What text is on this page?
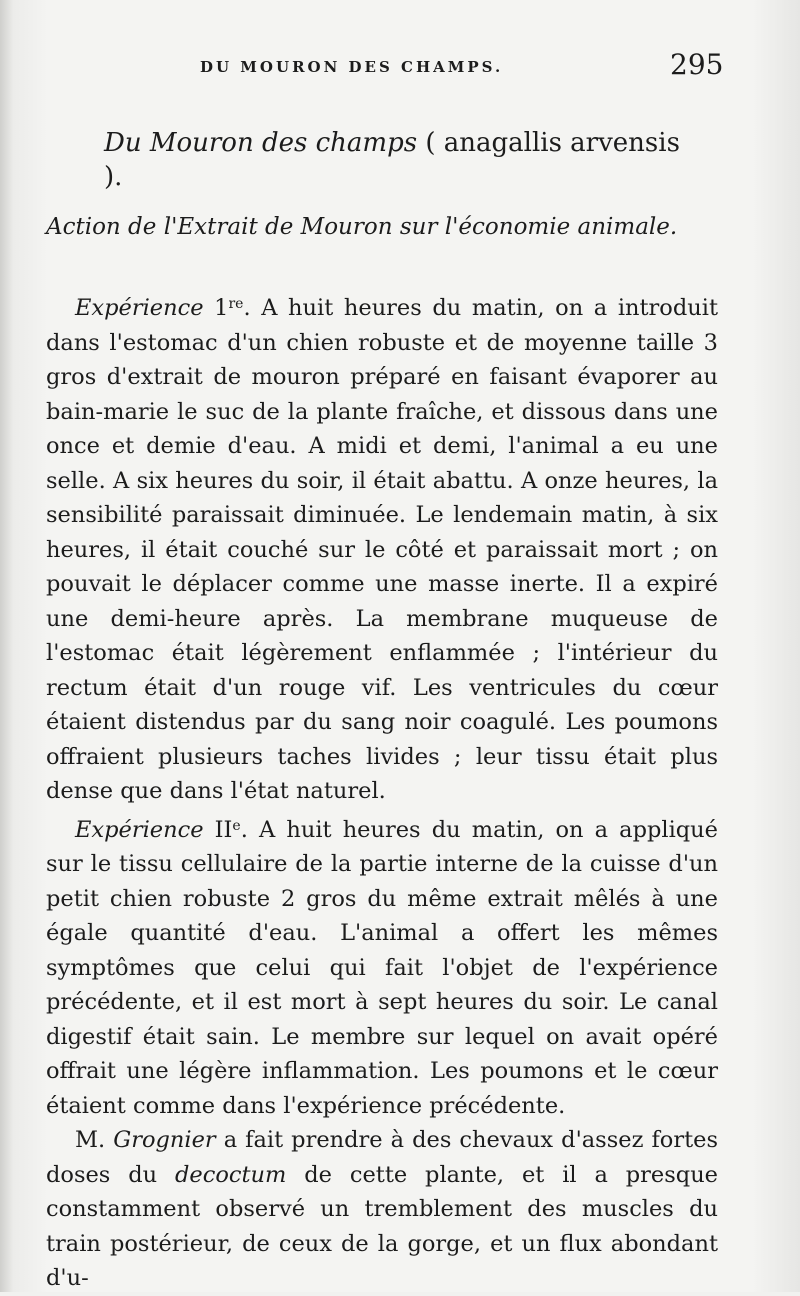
DU MOURON DES CHAMPS.	295
Du Mouron des champs ( anagallis arvensis ).
Action de l'Extrait de Mouron sur l'économie animale.

Expérience 1re. A huit heures du matin, on a introduit dans l'estomac d'un chien robuste et de moyenne taille 3 gros d'extrait de mouron préparé en faisant évaporer au bain-marie le suc de la plante fraîche, et dissous dans une once et demie d'eau. A midi et demi, l'animal a eu une selle. A six heures du soir, il était abattu. A onze heures, la sensibilité paraissait diminuée. Le lendemain matin, à six heures, il était couché sur le côté et paraissait mort ; on pouvait le déplacer comme une masse inerte. Il a expiré une demi-heure après. La membrane muqueuse de l'estomac était légèrement enflammée ; l'intérieur du rectum était d'un rouge vif. Les ventricules du cœur étaient distendus par du sang noir coagulé. Les poumons offraient plusieurs taches livides ; leur tissu était plus dense que dans l'état naturel.

Expérience IIe. A huit heures du matin, on a appliqué sur le tissu cellulaire de la partie interne de la cuisse d'un petit chien robuste 2 gros du même extrait mêlés à une égale quantité d'eau. L'animal a offert les mêmes symptômes que celui qui fait l'objet de l'expérience précédente, et il est mort à sept heures du soir. Le canal digestif était sain. Le membre sur lequel on avait opéré offrait une légère inflammation. Les poumons et le cœur étaient comme dans l'expérience précédente.

M. Grognier a fait prendre à des chevaux d'assez fortes doses du decoctum de cette plante, et il a presque constamment observé un tremblement des muscles du train postérieur, de ceux de la gorge, et un flux abondant d'u-
